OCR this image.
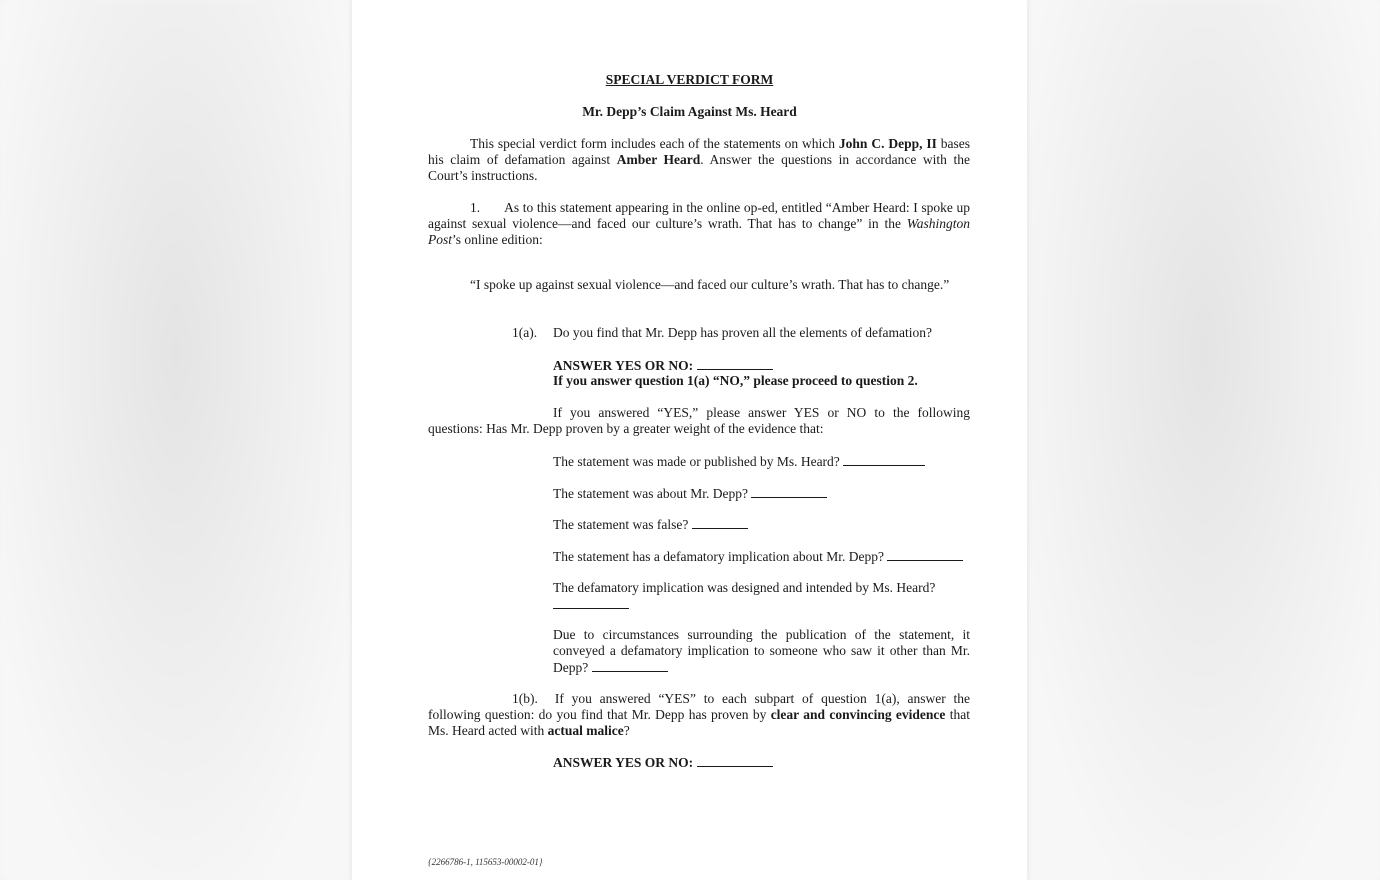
SPECIAL VERDICT FORM

Mr. Depp’s Claim Against Ms. Heard

This special verdict form includes each of the statements on which John C. Depp, II bases his claim of defamation against Amber Heard. Answer the questions in accordance with the Court’s instructions.

1. As to this statement appearing in the online op-ed, entitled “Amber Heard: I spoke up against sexual violence—and faced our culture’s wrath. That has to change” in the Washington Post’s online edition:

“I spoke up against sexual violence—and faced our culture’s wrath. That has to change.”

1(a). Do you find that Mr. Depp has proven all the elements of defamation?

ANSWER YES OR NO:

If you answer question 1(a) “NO,” please proceed to question 2.

If you answered “YES,” please answer YES or NO to the following questions: Has Mr. Depp proven by a greater weight of the evidence that:

The statement was made or published by Ms. Heard?

The statement was about Mr. Depp?

The statement was false?

The statement has a defamatory implication about Mr. Depp?

The defamatory implication was designed and intended by Ms. Heard?

Due to circumstances surrounding the publication of the statement, it conveyed a defamatory implication to someone who saw it other than Mr. Depp?

1(b). If you answered “YES” to each subpart of question 1(a), answer the following question: do you find that Mr. Depp has proven by clear and convincing evidence that Ms. Heard acted with actual malice?

ANSWER YES OR NO:

{2266786-1, 115653-00002-01}
